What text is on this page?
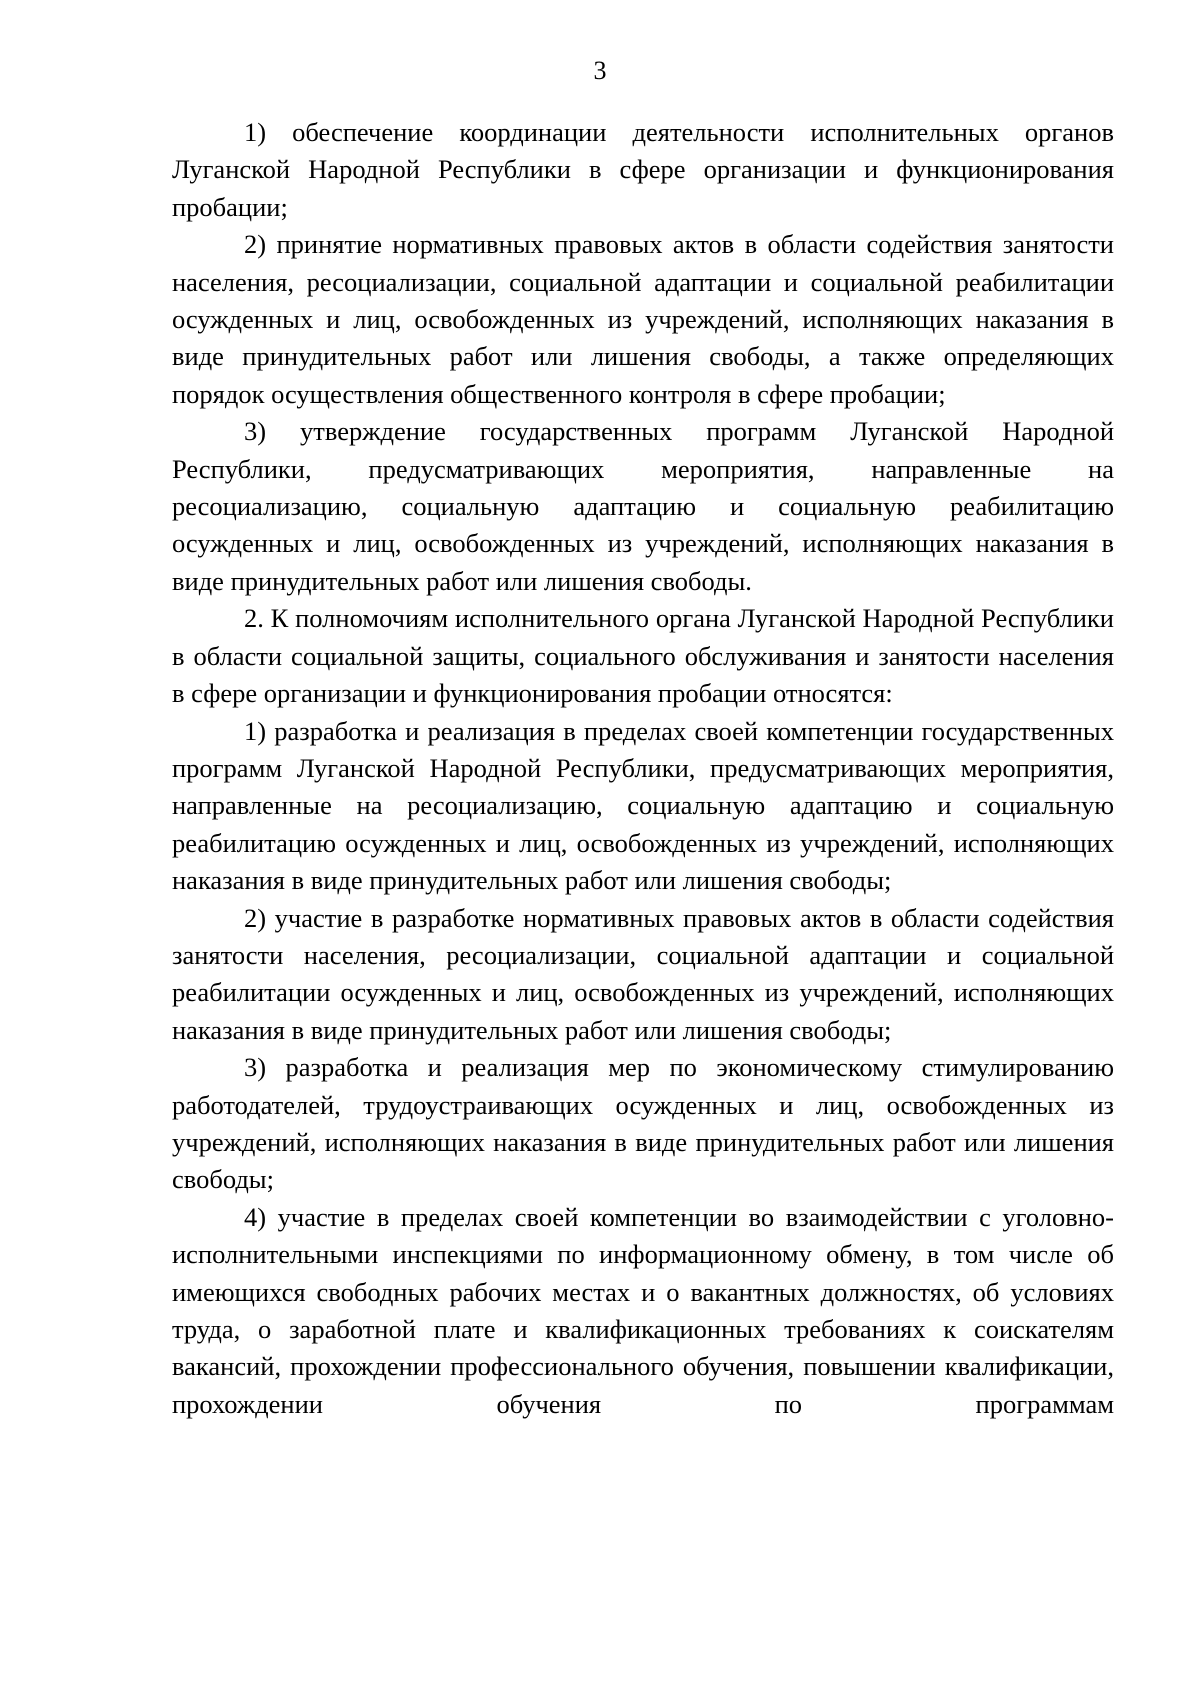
3

1) обеспечение координации деятельности исполнительных органов Луганской Народной Республики в сфере организации и функционирования пробации;

2) принятие нормативных правовых актов в области содействия занятости населения, ресоциализации, социальной адаптации и социальной реабилитации осужденных и лиц, освобожденных из учреждений, исполняющих наказания в виде принудительных работ или лишения свободы, а также определяющих порядок осуществления общественного контроля в сфере пробации;

3) утверждение государственных программ Луганской Народной Республики, предусматривающих мероприятия, направленные на ресоциализацию, социальную адаптацию и социальную реабилитацию осужденных и лиц, освобожденных из учреждений, исполняющих наказания в виде принудительных работ или лишения свободы.

2. К полномочиям исполнительного органа Луганской Народной Республики в области социальной защиты, социального обслуживания и занятости населения в сфере организации и функционирования пробации относятся:

1) разработка и реализация в пределах своей компетенции государственных программ Луганской Народной Республики, предусматривающих мероприятия, направленные на ресоциализацию, социальную адаптацию и социальную реабилитацию осужденных и лиц, освобожденных из учреждений, исполняющих наказания в виде принудительных работ или лишения свободы;

2) участие в разработке нормативных правовых актов в области содействия занятости населения, ресоциализации, социальной адаптации и социальной реабилитации осужденных и лиц, освобожденных из учреждений, исполняющих наказания в виде принудительных работ или лишения свободы;

3) разработка и реализация мер по экономическому стимулированию работодателей, трудоустраивающих осужденных и лиц, освобожденных из учреждений, исполняющих наказания в виде принудительных работ или лишения свободы;

4) участие в пределах своей компетенции во взаимодействии с уголовно-исполнительными инспекциями по информационному обмену, в том числе об имеющихся свободных рабочих местах и о вакантных должностях, об условиях труда, о заработной плате и квалификационных требованиях к соискателям вакансий, прохождении профессионального обучения, повышении квалификации, прохождении обучения по программам
